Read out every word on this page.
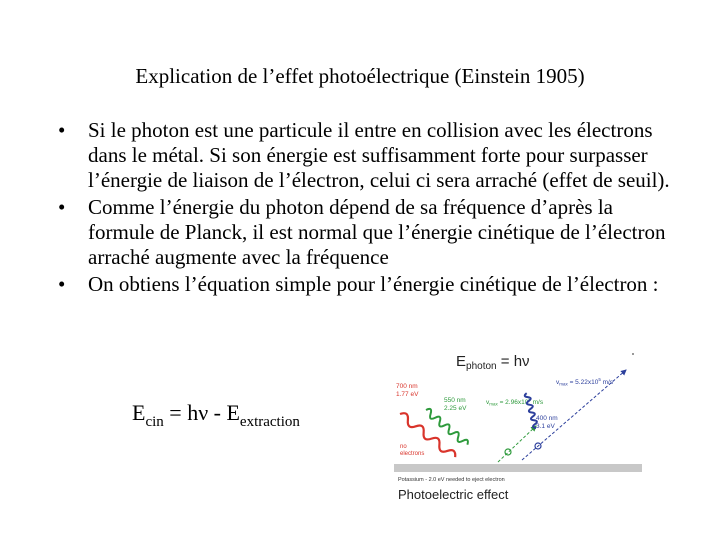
Explication de l’effet photoélectrique (Einstein 1905)
• Si le photon est une particule il entre en collision avec les électrons dans le métal. Si son énergie est suffisamment forte pour surpasser l’énergie de liaison de l’électron, celui ci sera arraché (effet de seuil).
• Comme l’énergie du photon dépend de sa fréquence d’après la formule de Planck, il est normal que l’énergie cinétique de l’électron arraché augmente avec la fréquence
• On obtiens l’équation simple pour l’énergie cinétique de l’électron :
$E_{cin} = h\nu - E_{extraction}$
$E_{photon} = h\nu$
Potassium - 2.0 eV needed to eject electron
700 nm
1.77 eV
no
electrons
550 nm
2.25 eV
$v_{max} = 2.96x10^5$ m/s
400 nm
3.1 eV
$v_{max} = 5.22x10^5$ m/s
Photoelectric effect
